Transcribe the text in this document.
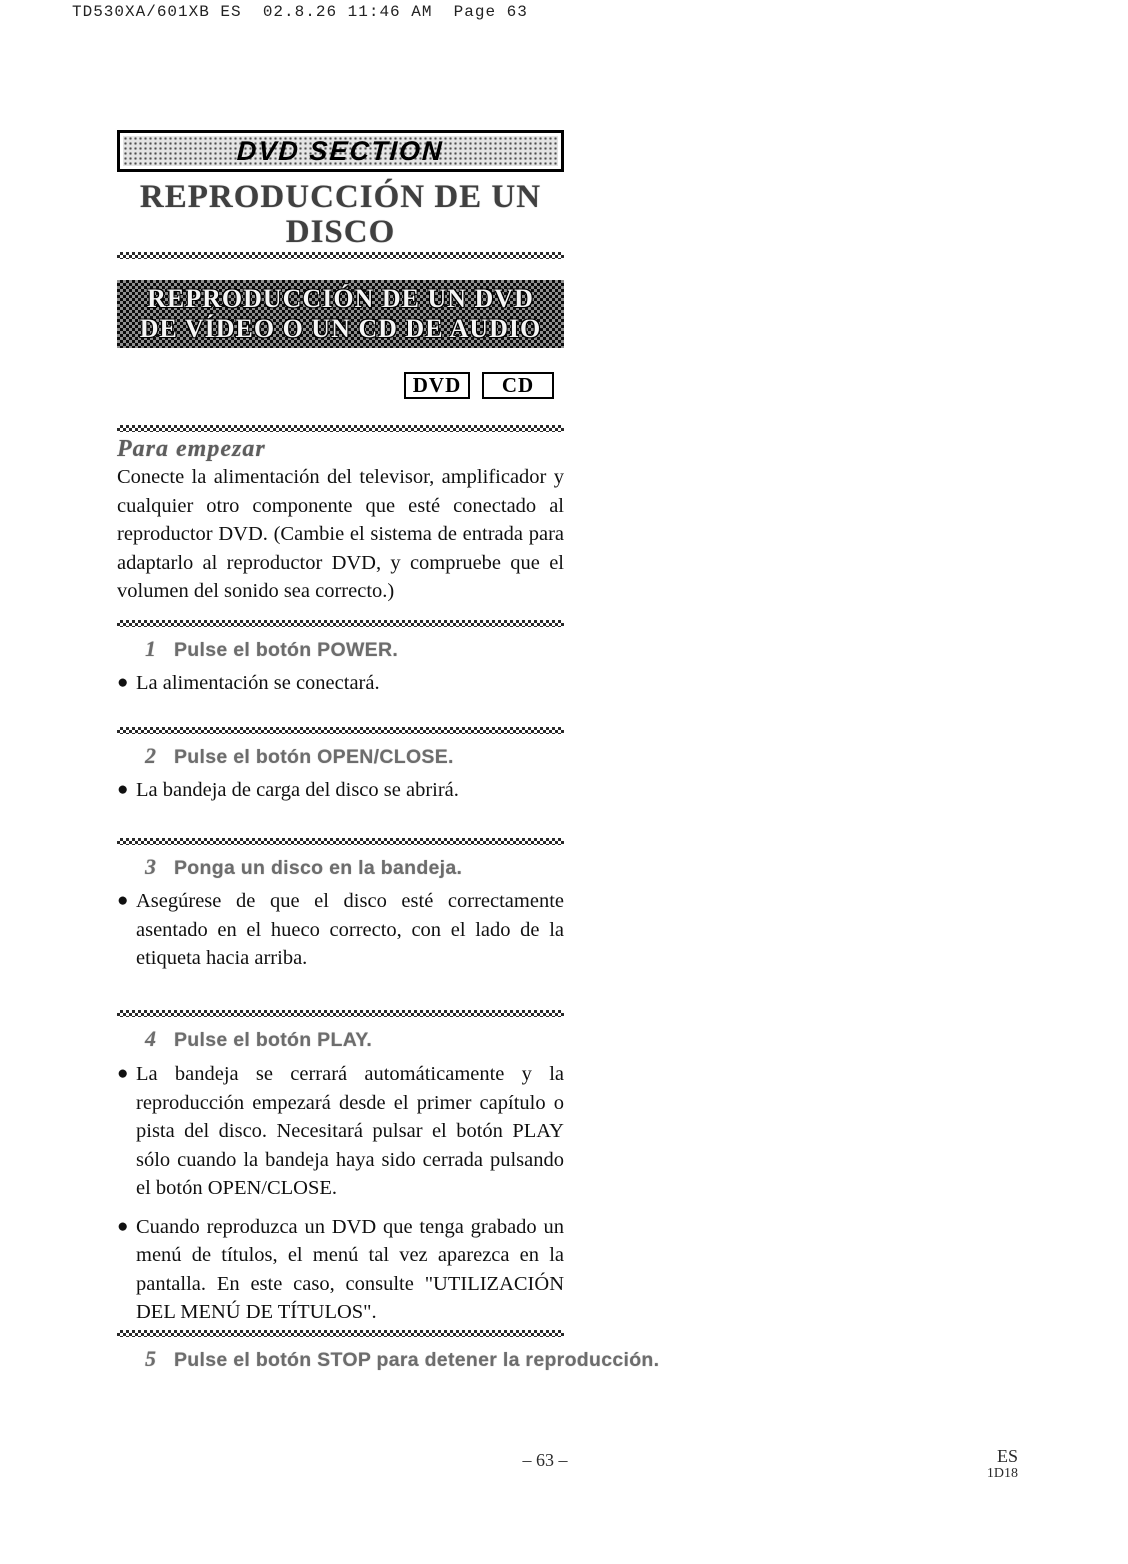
TD530XA/601XB ES  02.8.26 11:46 AM  Page 63
DVD SECTION
REPRODUCCIÓN DE UN
DISCO
REPRODUCCIÓN DE UN DVD
DE VÍDEO O UN CD DE AUDIO
DVD	CD
Para empezar
Conecte la alimentación del televisor, amplificador y cualquier otro componente que esté conectado al reproductor DVD. (Cambie el sistema de entrada para adaptarlo al reproductor DVD, y compruebe que el volumen del sonido sea correcto.)
1 Pulse el botón POWER.
● La alimentación se conectará.
2 Pulse el botón OPEN/CLOSE.
● La bandeja de carga del disco se abrirá.
3 Ponga un disco en la bandeja.
● Asegúrese de que el disco esté correctamente asentado en el hueco correcto, con el lado de la etiqueta hacia arriba.
4 Pulse el botón PLAY.
● La bandeja se cerrará automáticamente y la reproducción empezará desde el primer capítulo o pista del disco. Necesitará pulsar el botón PLAY sólo cuando la bandeja haya sido cerrada pulsando el botón OPEN/CLOSE.
● Cuando reproduzca un DVD que tenga grabado un menú de títulos, el menú tal vez aparezca en la pantalla. En este caso, consulte "UTILIZACIÓN DEL MENÚ DE TÍTULOS".
5 Pulse el botón STOP para detener la reproducción.
– 63 –	ES
1D18
